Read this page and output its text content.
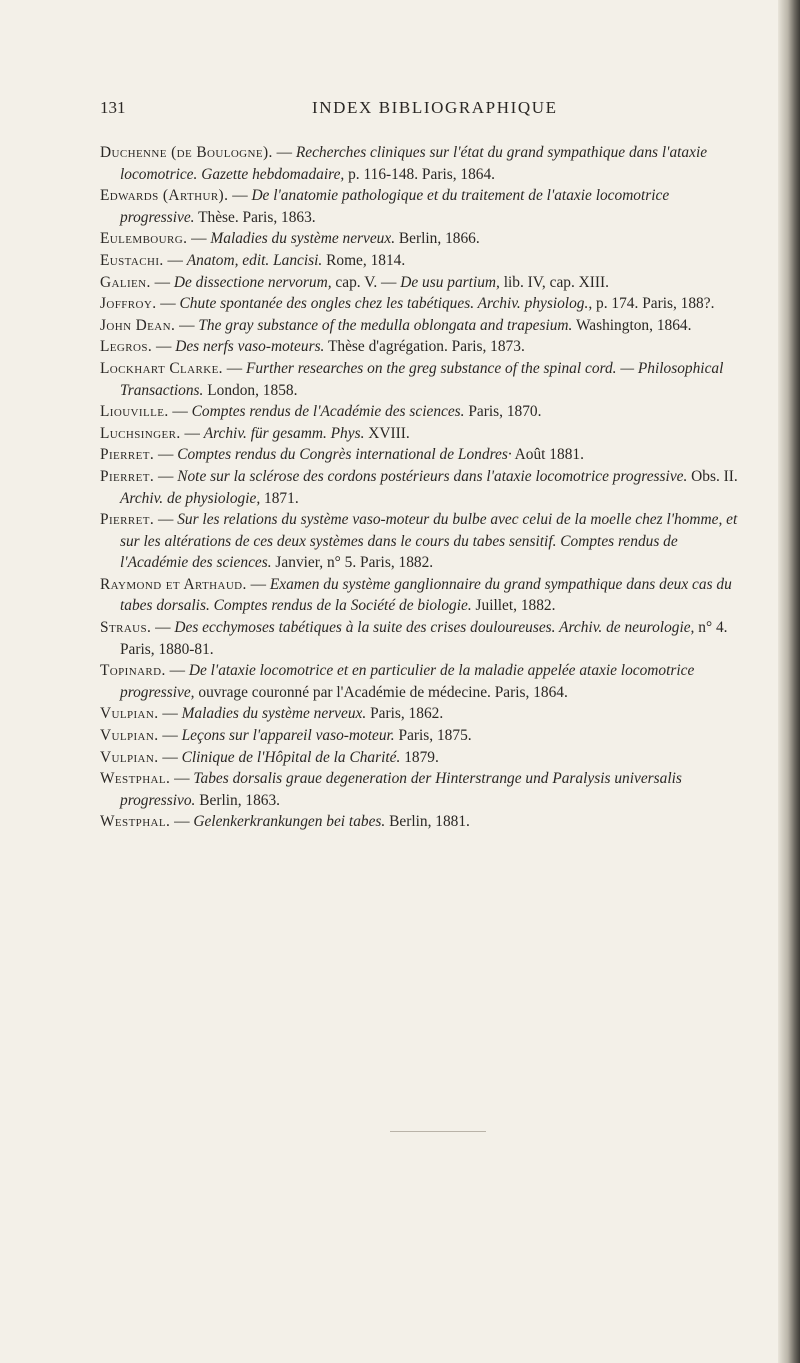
131	INDEX BIBLIOGRAPHIQUE

Duchenne (de Boulogne). — Recherches cliniques sur l'état du grand sympathique dans l'ataxie locomotrice. Gazette hebdomadaire, p. 116-148. Paris, 1864.

Edwards (Arthur). — De l'anatomie pathologique et du traitement de l'ataxie locomotrice progressive. Thèse. Paris, 1863.

Eulembourg. — Maladies du système nerveux. Berlin, 1866.

Eustachi. — Anatom, edit. Lancisi. Rome, 1814.

Galien. — De dissectione nervorum, cap. V. — De usu partium, lib. IV, cap. XIII.

Joffroy. — Chute spontanée des ongles chez les tabétiques. Archiv. physiolog., p. 174. Paris, 188?.

John Dean. — The gray substance of the medulla oblongata and trapesium. Washington, 1864.

Legros. — Des nerfs vaso-moteurs. Thèse d'agrégation. Paris, 1873.

Lockhart Clarke. — Further researches on the greg substance of the spinal cord. — Philosophical Transactions. London, 1858.

Liouville. — Comptes rendus de l'Académie des sciences. Paris, 1870.

Luchsinger. — Archiv. für gesamm. Phys. XVIII.

Pierret. — Comptes rendus du Congrès international de Londres· Août 1881.

Pierret. — Note sur la sclérose des cordons postérieurs dans l'ataxie locomotrice progressive. Obs. II. Archiv. de physiologie, 1871.

Pierret. — Sur les relations du système vaso-moteur du bulbe avec celui de la moelle chez l'homme, et sur les altérations de ces deux systèmes dans le cours du tabes sensitif. Comptes rendus de l'Académie des sciences. Janvier, n° 5. Paris, 1882.

Raymond et Arthaud. — Examen du système ganglionnaire du grand sympathique dans deux cas du tabes dorsalis. Comptes rendus de la Société de biologie. Juillet, 1882.

Straus. — Des ecchymoses tabétiques à la suite des crises douloureuses. Archiv. de neurologie, n° 4. Paris, 1880-81.

Topinard. — De l'ataxie locomotrice et en particulier de la maladie appelée ataxie locomotrice progressive, ouvrage couronné par l'Académie de médecine. Paris, 1864.

Vulpian. — Maladies du système nerveux. Paris, 1862.

Vulpian. — Leçons sur l'appareil vaso-moteur. Paris, 1875.

Vulpian. — Clinique de l'Hôpital de la Charité. 1879.

Westphal. — Tabes dorsalis graue degeneration der Hinterstrange und Paralysis universalis progressivo. Berlin, 1863.

Westphal. — Gelenkerkrankungen bei tabes. Berlin, 1881.
